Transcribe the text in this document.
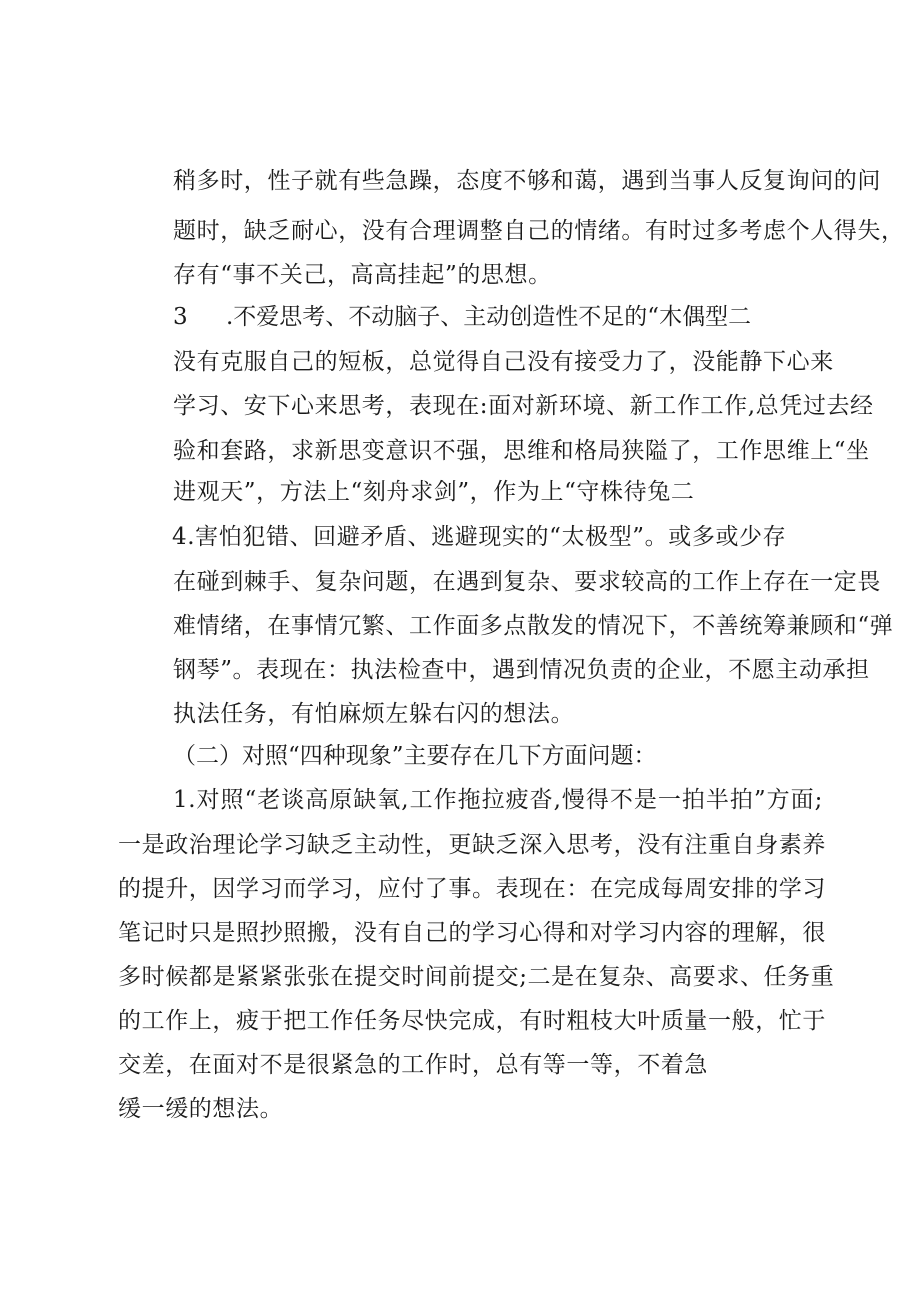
稍多时，性子就有些急躁，态度不够和蔼，遇到当事人反复询问的问
题时，缺乏耐心，没有合理调整自己的情绪。有时过多考虑个人得失，
存有“事不关己，高高挂起”的思想。
3 .不爱思考、不动脑子、主动创造性不足的“木偶型二
没有克服自己的短板，总觉得自己没有接受力了，没能静下心来
学习、安下心来思考，表现在:面对新环境、新工作工作,总凭过去经
验和套路，求新思变意识不强，思维和格局狭隘了，工作思维上“坐
进观天”，方法上“刻舟求剑”，作为上“守株待兔二
4.害怕犯错、回避矛盾、逃避现实的“太极型”。或多或少存
在碰到棘手、复杂问题，在遇到复杂、要求较高的工作上存在一定畏
难情绪，在事情冗繁、工作面多点散发的情况下，不善统筹兼顾和“弹
钢琴”。表现在：执法检查中，遇到情况负责的企业，不愿主动承担
执法任务，有怕麻烦左躲右闪的想法。
（二）对照“四种现象”主要存在几下方面问题：
1.对照“老谈高原缺氧,工作拖拉疲沓,慢得不是一拍半拍”方面;
一是政治理论学习缺乏主动性，更缺乏深入思考，没有注重自身素养
的提升，因学习而学习，应付了事。表现在：在完成每周安排的学习
笔记时只是照抄照搬，没有自己的学习心得和对学习内容的理解，很
多时候都是紧紧张张在提交时间前提交;二是在复杂、高要求、任务重
的工作上，疲于把工作任务尽快完成，有时粗枝大叶质量一般，忙于
交差，在面对不是很紧急的工作时，总有等一等，不着急
缓一缓的想法。
